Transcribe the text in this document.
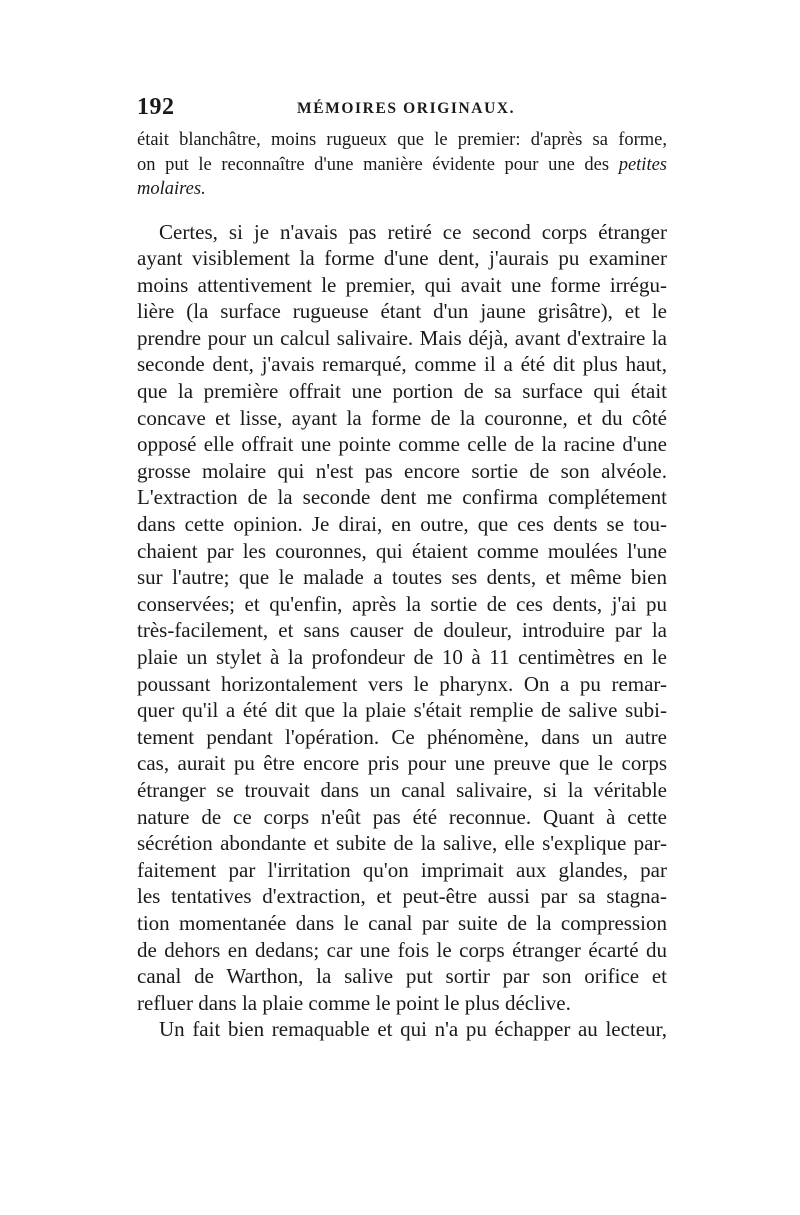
192	MÉMOIRES ORIGINAUX.
était blanchâtre, moins rugueux que le premier: d'après sa forme,
on put le reconnaître d'une manière évidente pour une des petites
molaires.
Certes, si je n'avais pas retiré ce second corps étranger
ayant visiblement la forme d'une dent, j'aurais pu examiner
moins attentivement le premier, qui avait une forme irrégu-
lière (la surface rugueuse étant d'un jaune grisâtre), et le
prendre pour un calcul salivaire. Mais déjà, avant d'extraire la
seconde dent, j'avais remarqué, comme il a été dit plus haut,
que la première offrait une portion de sa surface qui était
concave et lisse, ayant la forme de la couronne, et du côté
opposé elle offrait une pointe comme celle de la racine d'une
grosse molaire qui n'est pas encore sortie de son alvéole.
L'extraction de la seconde dent me confirma complétement
dans cette opinion. Je dirai, en outre, que ces dents se tou-
chaient par les couronnes, qui étaient comme moulées l'une
sur l'autre; que le malade a toutes ses dents, et même bien
conservées; et qu'enfin, après la sortie de ces dents, j'ai pu
très-facilement, et sans causer de douleur, introduire par la
plaie un stylet à la profondeur de 10 à 11 centimètres en le
poussant horizontalement vers le pharynx. On a pu remar-
quer qu'il a été dit que la plaie s'était remplie de salive subi-
tement pendant l'opération. Ce phénomène, dans un autre
cas, aurait pu être encore pris pour une preuve que le corps
étranger se trouvait dans un canal salivaire, si la véritable
nature de ce corps n'eût pas été reconnue. Quant à cette
sécrétion abondante et subite de la salive, elle s'explique par-
faitement par l'irritation qu'on imprimait aux glandes, par
les tentatives d'extraction, et peut-être aussi par sa stagna-
tion momentanée dans le canal par suite de la compression
de dehors en dedans; car une fois le corps étranger écarté du
canal de Warthon, la salive put sortir par son orifice et
refluer dans la plaie comme le point le plus déclive.
Un fait bien remaquable et qui n'a pu échapper au lecteur,
